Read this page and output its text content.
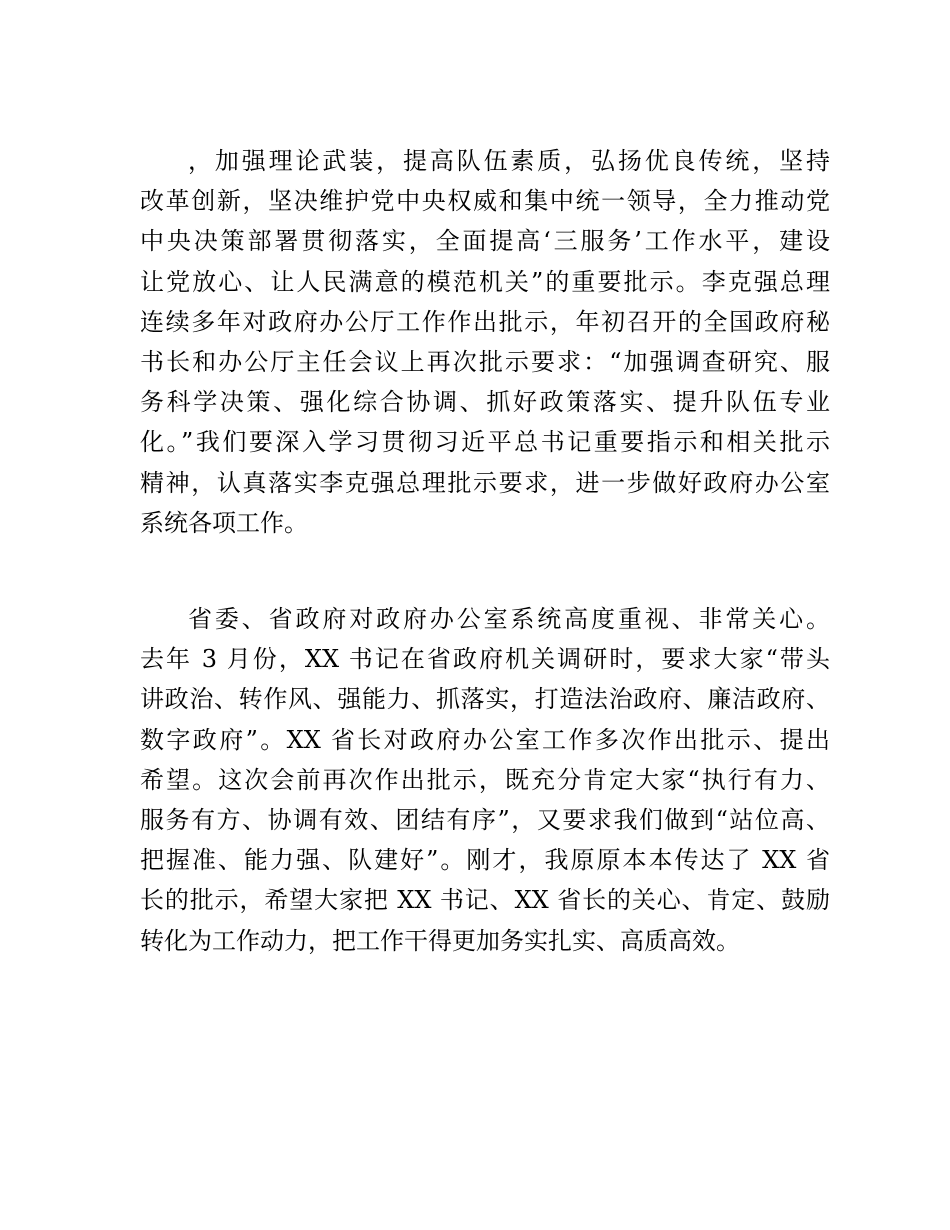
，加强理论武装，提高队伍素质，弘扬优良传统，坚持
改革创新，坚决维护党中央权威和集中统一领导，全力推动党
中央决策部署贯彻落实，全面提高‘三服务’工作水平，建设
让党放心、让人民满意的模范机关”的重要批示。李克强总理
连续多年对政府办公厅工作作出批示，年初召开的全国政府秘
书长和办公厅主任会议上再次批示要求：“加强调查研究、服
务科学决策、强化综合协调、抓好政策落实、提升队伍专业
化。”我们要深入学习贯彻习近平总书记重要指示和相关批示
精神，认真落实李克强总理批示要求，进一步做好政府办公室
系统各项工作。
省委、省政府对政府办公室系统高度重视、非常关心。
去年 3 月份，XX 书记在省政府机关调研时，要求大家“带头
讲政治、转作风、强能力、抓落实，打造法治政府、廉洁政府、
数字政府”。XX 省长对政府办公室工作多次作出批示、提出
希望。这次会前再次作出批示，既充分肯定大家“执行有力、
服务有方、协调有效、团结有序”，又要求我们做到“站位高、
把握准、能力强、队建好”。刚才，我原原本本传达了 XX 省
长的批示，希望大家把 XX 书记、XX 省长的关心、肯定、鼓励
转化为工作动力，把工作干得更加务实扎实、高质高效。
